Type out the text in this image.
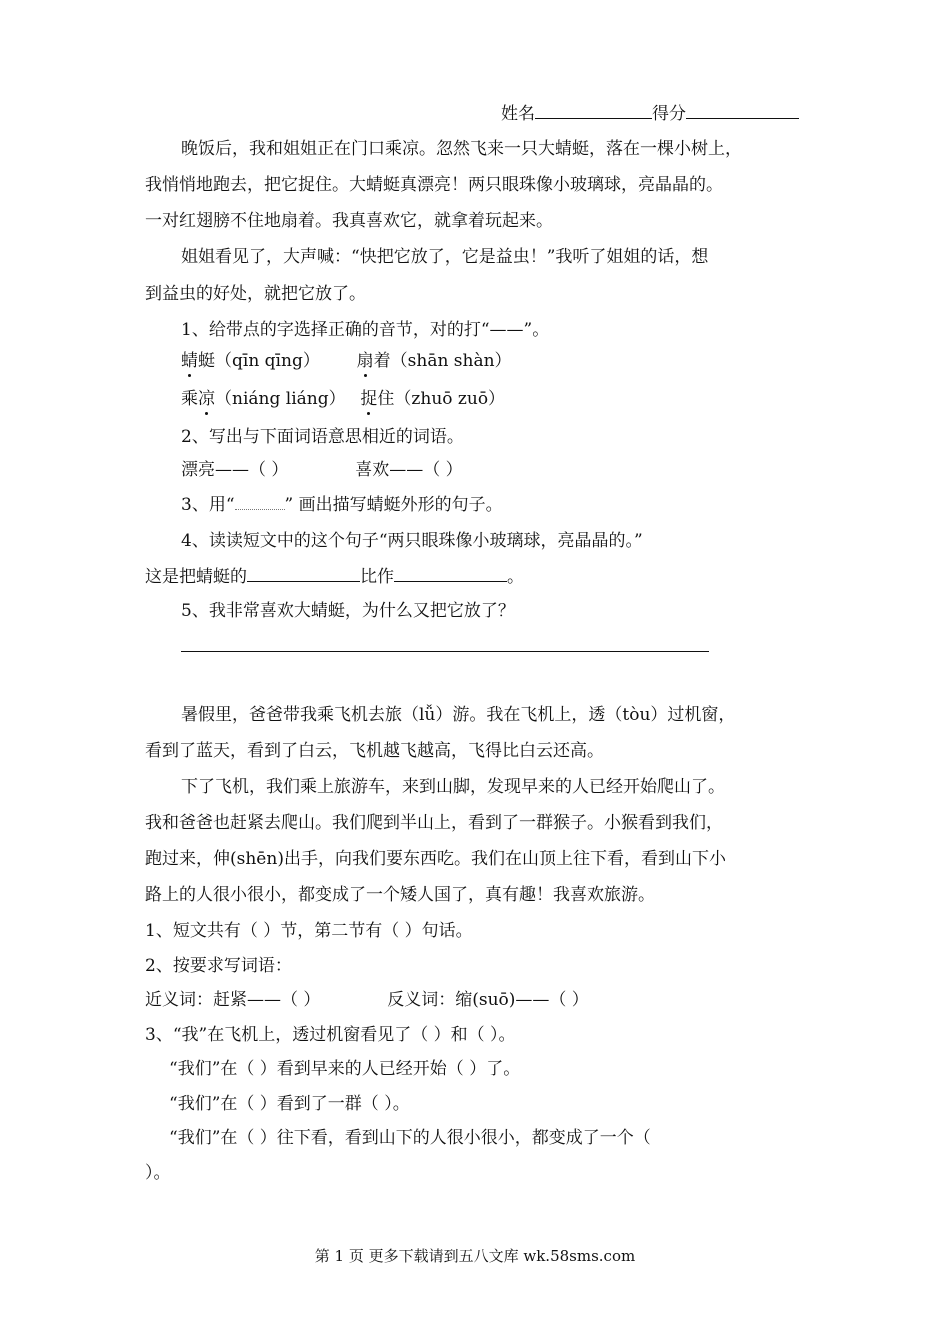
姓名	得分
晚饭后，我和姐姐正在门口乘凉。忽然飞来一只大蜻蜓，落在一棵小树上，
我悄悄地跑去，把它捉住。大蜻蜓真漂亮！两只眼珠像小玻璃球，亮晶晶的。
一对红翅膀不住地扇着。我真喜欢它，就拿着玩起来。
姐姐看见了，大声喊：“快把它放了，它是益虫！”我听了姐姐的话，想
到益虫的好处，就把它放了。
1、给带点的字选择正确的音节，对的打“——”。
蜻蜓（qīn qīng） 扇着（shān shàn）
乘凉（niáng liáng） 捉住（zhuō zuō）
2、写出与下面词语意思相近的词语。
漂亮——（ ）	喜欢——（ ）
3、用“	” 画出描写蜻蜓外形的句子。
4、读读短文中的这个句子“两只眼珠像小玻璃球，亮晶晶的。”
这是把蜻蜓的	比作	。
5、我非常喜欢大蜻蜓，为什么又把它放了？
暑假里，爸爸带我乘飞机去旅（lǚ）游。我在飞机上，透（tòu）过机窗，
看到了蓝天，看到了白云，飞机越飞越高，飞得比白云还高。
下了飞机，我们乘上旅游车，来到山脚，发现早来的人已经开始爬山了。
我和爸爸也赶紧去爬山。我们爬到半山上，看到了一群猴子。小猴看到我们，
跑过来，伸(shēn)出手，向我们要东西吃。我们在山顶上往下看，看到山下小
路上的人很小很小，都变成了一个矮人国了，真有趣！我喜欢旅游。
1、短文共有（ ）节，第二节有（ ）句话。
2、按要求写词语：
近义词：赶紧——（ ）	反义词：缩(suō)——（ ）
3、“我”在飞机上，透过机窗看见了（ ）和（ ）。
“我们”在（ ）看到早来的人已经开始（ ）了。
“我们”在（ ）看到了一群（ ）。
“我们”在（ ）往下看，看到山下的人很小很小，都变成了一个（
）。
第 1 页 更多下载请到五八文库 wk.58sms.com
